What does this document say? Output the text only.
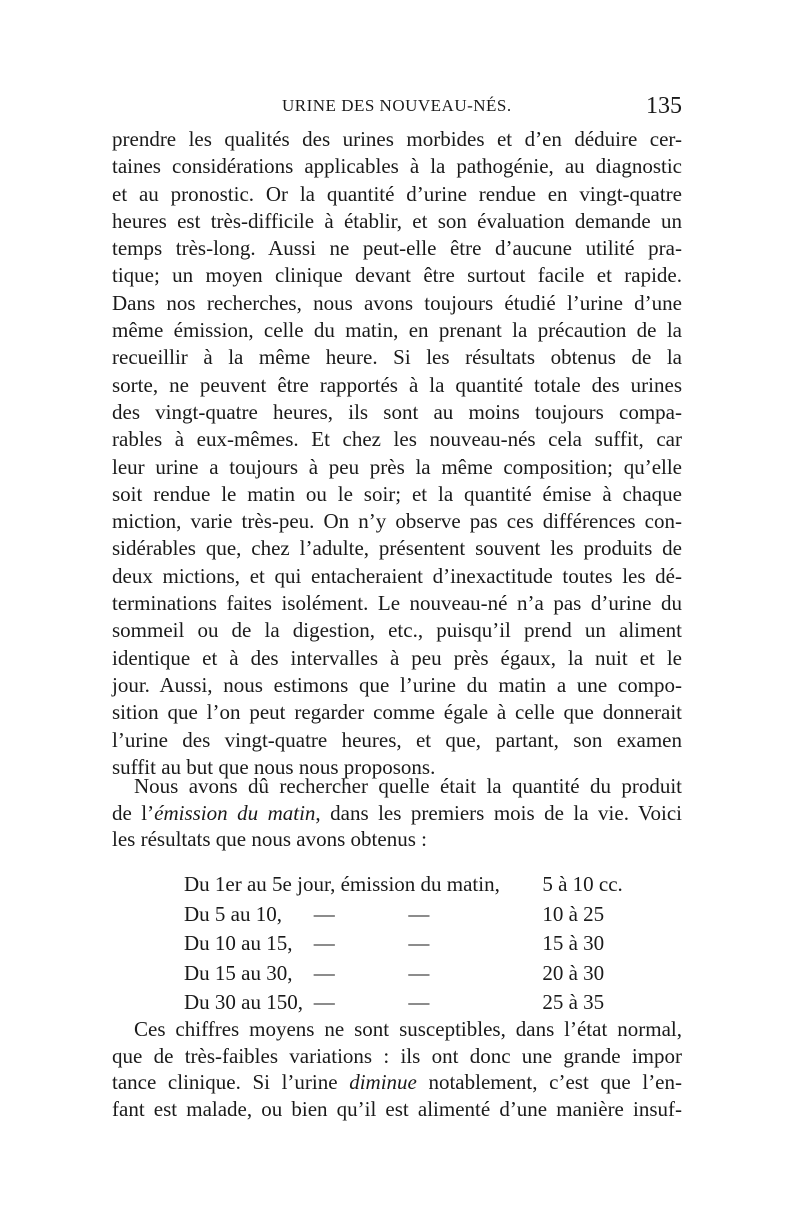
URINE DES NOUVEAU-NÉS.	135
prendre les qualités des urines morbides et d’en déduire cer-
taines considérations applicables à la pathogénie, au diagnostic
et au pronostic. Or la quantité d’urine rendue en vingt-quatre
heures est très-difficile à établir, et son évaluation demande un
temps très-long. Aussi ne peut-elle être d’aucune utilité pra-
tique; un moyen clinique devant être surtout facile et rapide.
Dans nos recherches, nous avons toujours étudié l’urine d’une
même émission, celle du matin, en prenant la précaution de la
recueillir à la même heure. Si les résultats obtenus de la
sorte, ne peuvent être rapportés à la quantité totale des urines
des vingt-quatre heures, ils sont au moins toujours compa-
rables à eux-mêmes. Et chez les nouveau-nés cela suffit, car
leur urine a toujours à peu près la même composition; qu’elle
soit rendue le matin ou le soir; et la quantité émise à chaque
miction, varie très-peu. On n’y observe pas ces différences con-
sidérables que, chez l’adulte, présentent souvent les produits de
deux mictions, et qui entacheraient d’inexactitude toutes les dé-
terminations faites isolément. Le nouveau-né n’a pas d’urine du
sommeil ou de la digestion, etc., puisqu’il prend un aliment
identique et à des intervalles à peu près égaux, la nuit et le
jour. Aussi, nous estimons que l’urine du matin a une compo-
sition que l’on peut regarder comme égale à celle que donnerait
l’urine des vingt-quatre heures, et que, partant, son examen
suffit au but que nous nous proposons.
Nous avons dû rechercher quelle était la quantité du produit
de l’émission du matin, dans les premiers mois de la vie. Voici
les résultats que nous avons obtenus :
Du 1er au 5e jour, émission du matin,			5 à 10 cc.
Du 5 au 10,	—	—	10 à 25
Du 10 au 15,	—	—	15 à 30
Du 15 au 30,	—	—	20 à 30
Du 30 au 150,	—	—	25 à 35
Ces chiffres moyens ne sont susceptibles, dans l’état normal,
que de très-faibles variations : ils ont donc une grande impor
tance clinique. Si l’urine diminue notablement, c’est que l’en-
fant est malade, ou bien qu’il est alimenté d’une manière insuf-
